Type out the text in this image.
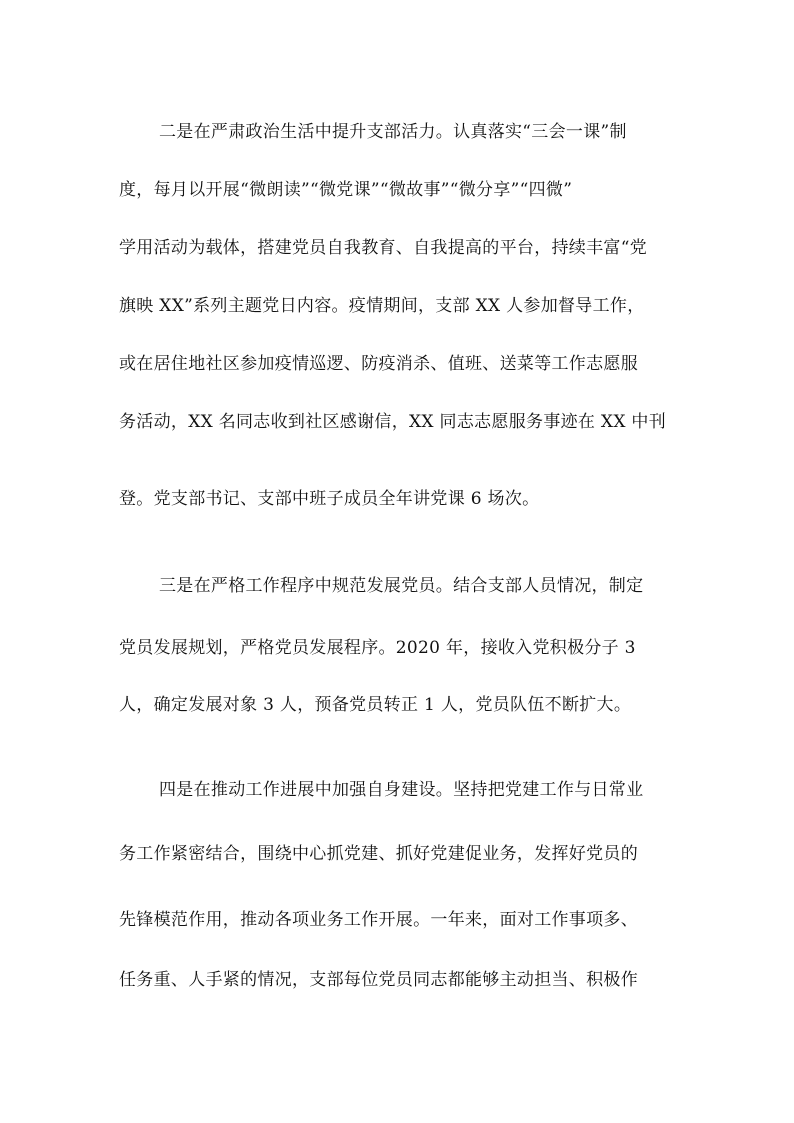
二是在严肃政治生活中提升支部活力。认真落实“三会一课”制
度，每月以开展“微朗读”“微党课”“微故事”“微分享”“四微”
学用活动为载体，搭建党员自我教育、自我提高的平台，持续丰富“党
旗映 XX”系列主题党日内容。疫情期间，支部 XX 人参加督导工作，
或在居住地社区参加疫情巡逻、防疫消杀、值班、送菜等工作志愿服
务活动，XX 名同志收到社区感谢信，XX 同志志愿服务事迹在 XX 中刊
登。党支部书记、支部中班子成员全年讲党课 6 场次。
三是在严格工作程序中规范发展党员。结合支部人员情况，制定
党员发展规划，严格党员发展程序。2020 年，接收入党积极分子 3
人，确定发展对象 3 人，预备党员转正 1 人，党员队伍不断扩大。
四是在推动工作进展中加强自身建设。坚持把党建工作与日常业
务工作紧密结合，围绕中心抓党建、抓好党建促业务，发挥好党员的
先锋模范作用，推动各项业务工作开展。一年来，面对工作事项多、
任务重、人手紧的情况，支部每位党员同志都能够主动担当、积极作
